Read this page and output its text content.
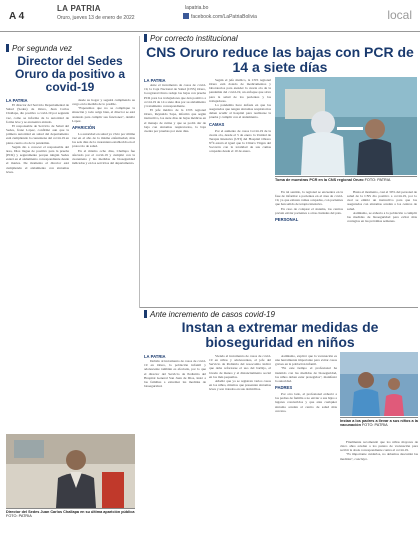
A 4
LA PATRIA
Oruro, jueves 13 de enero de 2022
lapatria.bo
facebook.com/LaPatriaBolivia	local
Por segunda vez
Director del Sedes Oruro da positivo a covid-19
LA PATRIA

El director del Servicio Departamental de Salud (Sedes) de Oruro, Juan Carlos Challapa, dio positivo a covid-19 por segunda vez, como se informa de la autoridad de forma leve y se encuentra aislado.

El responsable de Servicio de Salud del Sedes, franz López, confirmó aun que la primera autoridad en salud del departamento está cumpliendo la cuarentena del covid-19 en plena cuarto ola de la pandemia.

Según dio a conocer el responsable del área, Dios llegue de positivo para la prueba (PCR) y seguramente porque ningún Sedes estará en el aislamiento correspondiente desde el martes. De momento el director está cumpliendo el aislamiento con síntomas leves.

desde su hogar y seguirá cumpliendo su cargo en la medida de lo posible.

"Esperemos que no se complique la situación y todo salga bien, el director se está aislando para cumplir sus funciones", detalló López.

APARICIÓN

La autoridad en salud ya vivió por última vez en el año de la misma enfermedad, más los seis días de la cuarentena establecida en el protocolo de salud.

En el mismo ocho días, Challapa fue afectado por el covid-19 y cumplió con la cuarentena y las medidas de bioseguridad indicadas y en los servicios del departamento.

Director del Sedes Juan Carlos Challapa en su última aparición pública FOTO: PATRIA
Por correcto institucional
CNS Oruro reduce las bajas con PCR de 14 a siete días
LA PATRIA

Ante el incremento de casos de covid-19, la Caja Nacional de Salud (CNS) Oruro, la regional Oruro redujo las bajas con prueba PCR para los trabajadores que den positivo a covid-19 de 14 a siete días por su aislamiento y tratamiento correspondiente.

El jefe médico de la CNS regional Oruro, Reynaldo Sapa, informó que según instructivo, los siete días de bajas médicas en el manejo de rutina y que se podrá dar de baja con síntomas respiratorios, la baja cuenta por pruebas por siete días.

Según el jefe médico, la CNS regional Oruro está dotado de medicamentos y laboratorios para atender la cuarta ola de la pandemia del covid-19, un enfoque que sirve para la salud de los pacientes y los trabajadores.

La pandemia hace énfasis en que los asegurados que tengan síntomas respiratorios deben acudir al hospital para realizarse la prueba y cumplir con el aislamiento.

CAMAS

Por el aumento de casos Covid-19 de la cuarta ola, desde el 5 de enero la Unidad de Terapia Intensiva (UTI) del Hospital Obrero N°4 estará al igual que la Clínica Virgen del Socavón con la totalidad de sus camas ocupadas desde el 10 de enero.

Toma de muestras PCR en la CNS regional Oruro FOTO: PATRIA

En tal sentido, la regional se encuentra en la fase de informar a pacientes en el área de covid-19, ya que existen camas ocupadas, con pacientes que han salido de terapia intensiva.

En caso de colapsar el sistema, los centros prevén enviar pacientes a otras ciudades del país.

PERSONAL

Hasta el momento, casi el 30% del personal de salud de la CNS dio positivo a covid-19, por lo cual se emitió un instructivo para que los asegurados con síntomas acudan a los centros de salud.

Asimismo, se exhorta a la población a cumplir las medidas de bioseguridad para evitar más contagios en las próximas semanas.

Ante incremento de casos covid-19
Instan a extremar medidas de bioseguridad en niños
LA PATRIA

Debido al incremento de casos de covid-19 en Oruro, la población infantil y adolescente también es afectada, por lo que el director del Servicio de Pediatría del Hospital General San Juan de Dios, instó a las familias a extremar las medidas de bioseguridad.

Viendo el incremento de casos de covid-19 en niños y adolescentes, el jefe del Servicio de Pediatría del nosocomio indicó que debe reforzarse el uso del barbijo, el lavado de manos y el distanciamiento social en los más pequeños.

Añadió que ya se registran varios casos en los niños, mismos que presentan síntomas leves y son tratados en sus domicilios.

Asimismo, explicó que la vacunación es una herramienta importante para evitar casos graves en la población infantil.

"En este tiempo el profesional ha insistido con las medidas de bioseguridad, los niños deben estar protegidos", manifestó la autoridad.

PADRES

Por otro lado, el profesional exhortó a los padres de familia a no enviar a sus hijos a lugares concurridos y que ante cualquier síntoma acudan al centro de salud más cercano.

Instan a los padres a llevar a sus niños a la vacunación FOTO: PATRIA

Finalmente recomendó que los niños mayores de cinco años acudan a los puntos de vacunación para recibir la dosis correspondiente contra el covid-19.

"Es importante cuidarlos, no debemos descuidar las medidas", concluyó.
